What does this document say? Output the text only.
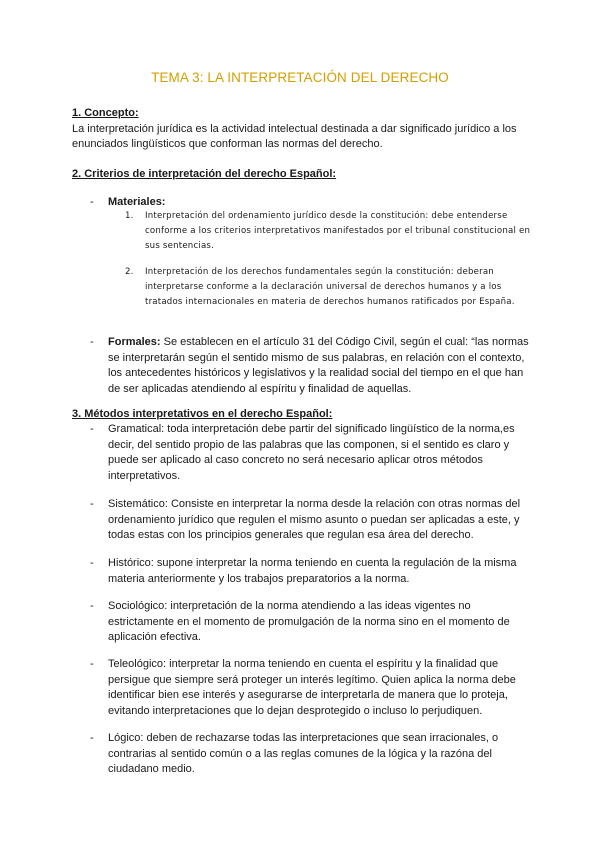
TEMA 3: LA INTERPRETACIÓN DEL DERECHO
1. Concepto:
La interpretación jurídica es la actividad intelectual destinada a dar significado jurídico a los enunciados lingüísticos que conforman las normas del derecho.
2. Criterios de interpretación del derecho Español:
- Materiales:
1. Interpretación del ordenamiento jurídico desde la constitución: debe entenderse conforme a los criterios interpretativos manifestados por el tribunal constitucional en sus sentencias.
2. Interpretación de los derechos fundamentales según la constitución: deberan interpretarse conforme a la declaración universal de derechos humanos y a los tratados internacionales en materia de derechos humanos ratificados por España.
- Formales: Se establecen en el artículo 31 del Código Civil, según el cual: “las normas se interpretarán según el sentido mismo de sus palabras, en relación con el contexto, los antecedentes históricos y legislativos y la realidad social del tiempo en el que han de ser aplicadas atendiendo al espíritu y finalidad de aquellas.
3. Métodos interpretativos en el derecho Español:
- Gramatical: toda interpretación debe partir del significado lingüístico de la norma,es decir, del sentido propio de las palabras que las componen, si el sentido es claro y puede ser aplicado al caso concreto no será necesario aplicar otros métodos interpretativos.
- Sistemático: Consiste en interpretar la norma desde la relación con otras normas del ordenamiento jurídico que regulen el mismo asunto o puedan ser aplicadas a este, y todas estas con los principios generales que regulan esa área del derecho.
- Histórico: supone interpretar la norma teniendo en cuenta la regulación de la misma materia anteriormente y los trabajos preparatorios a la norma.
- Sociológico: interpretación de la norma atendiendo a las ideas vigentes no estrictamente en el momento de promulgación de la norma sino en el momento de aplicación efectiva.
- Teleológico: interpretar la norma teniendo en cuenta el espíritu y la finalidad que persigue que siempre será proteger un interés legítimo. Quien aplica la norma debe identificar bien ese interés y asegurarse de interpretarla de manera que lo proteja, evitando interpretaciones que lo dejan desprotegido o incluso lo perjudiquen.
- Lógico: deben de rechazarse todas las interpretaciones que sean irracionales, o contrarias al sentido común o a las reglas comunes de la lógica y la razóna del ciudadano medio.
